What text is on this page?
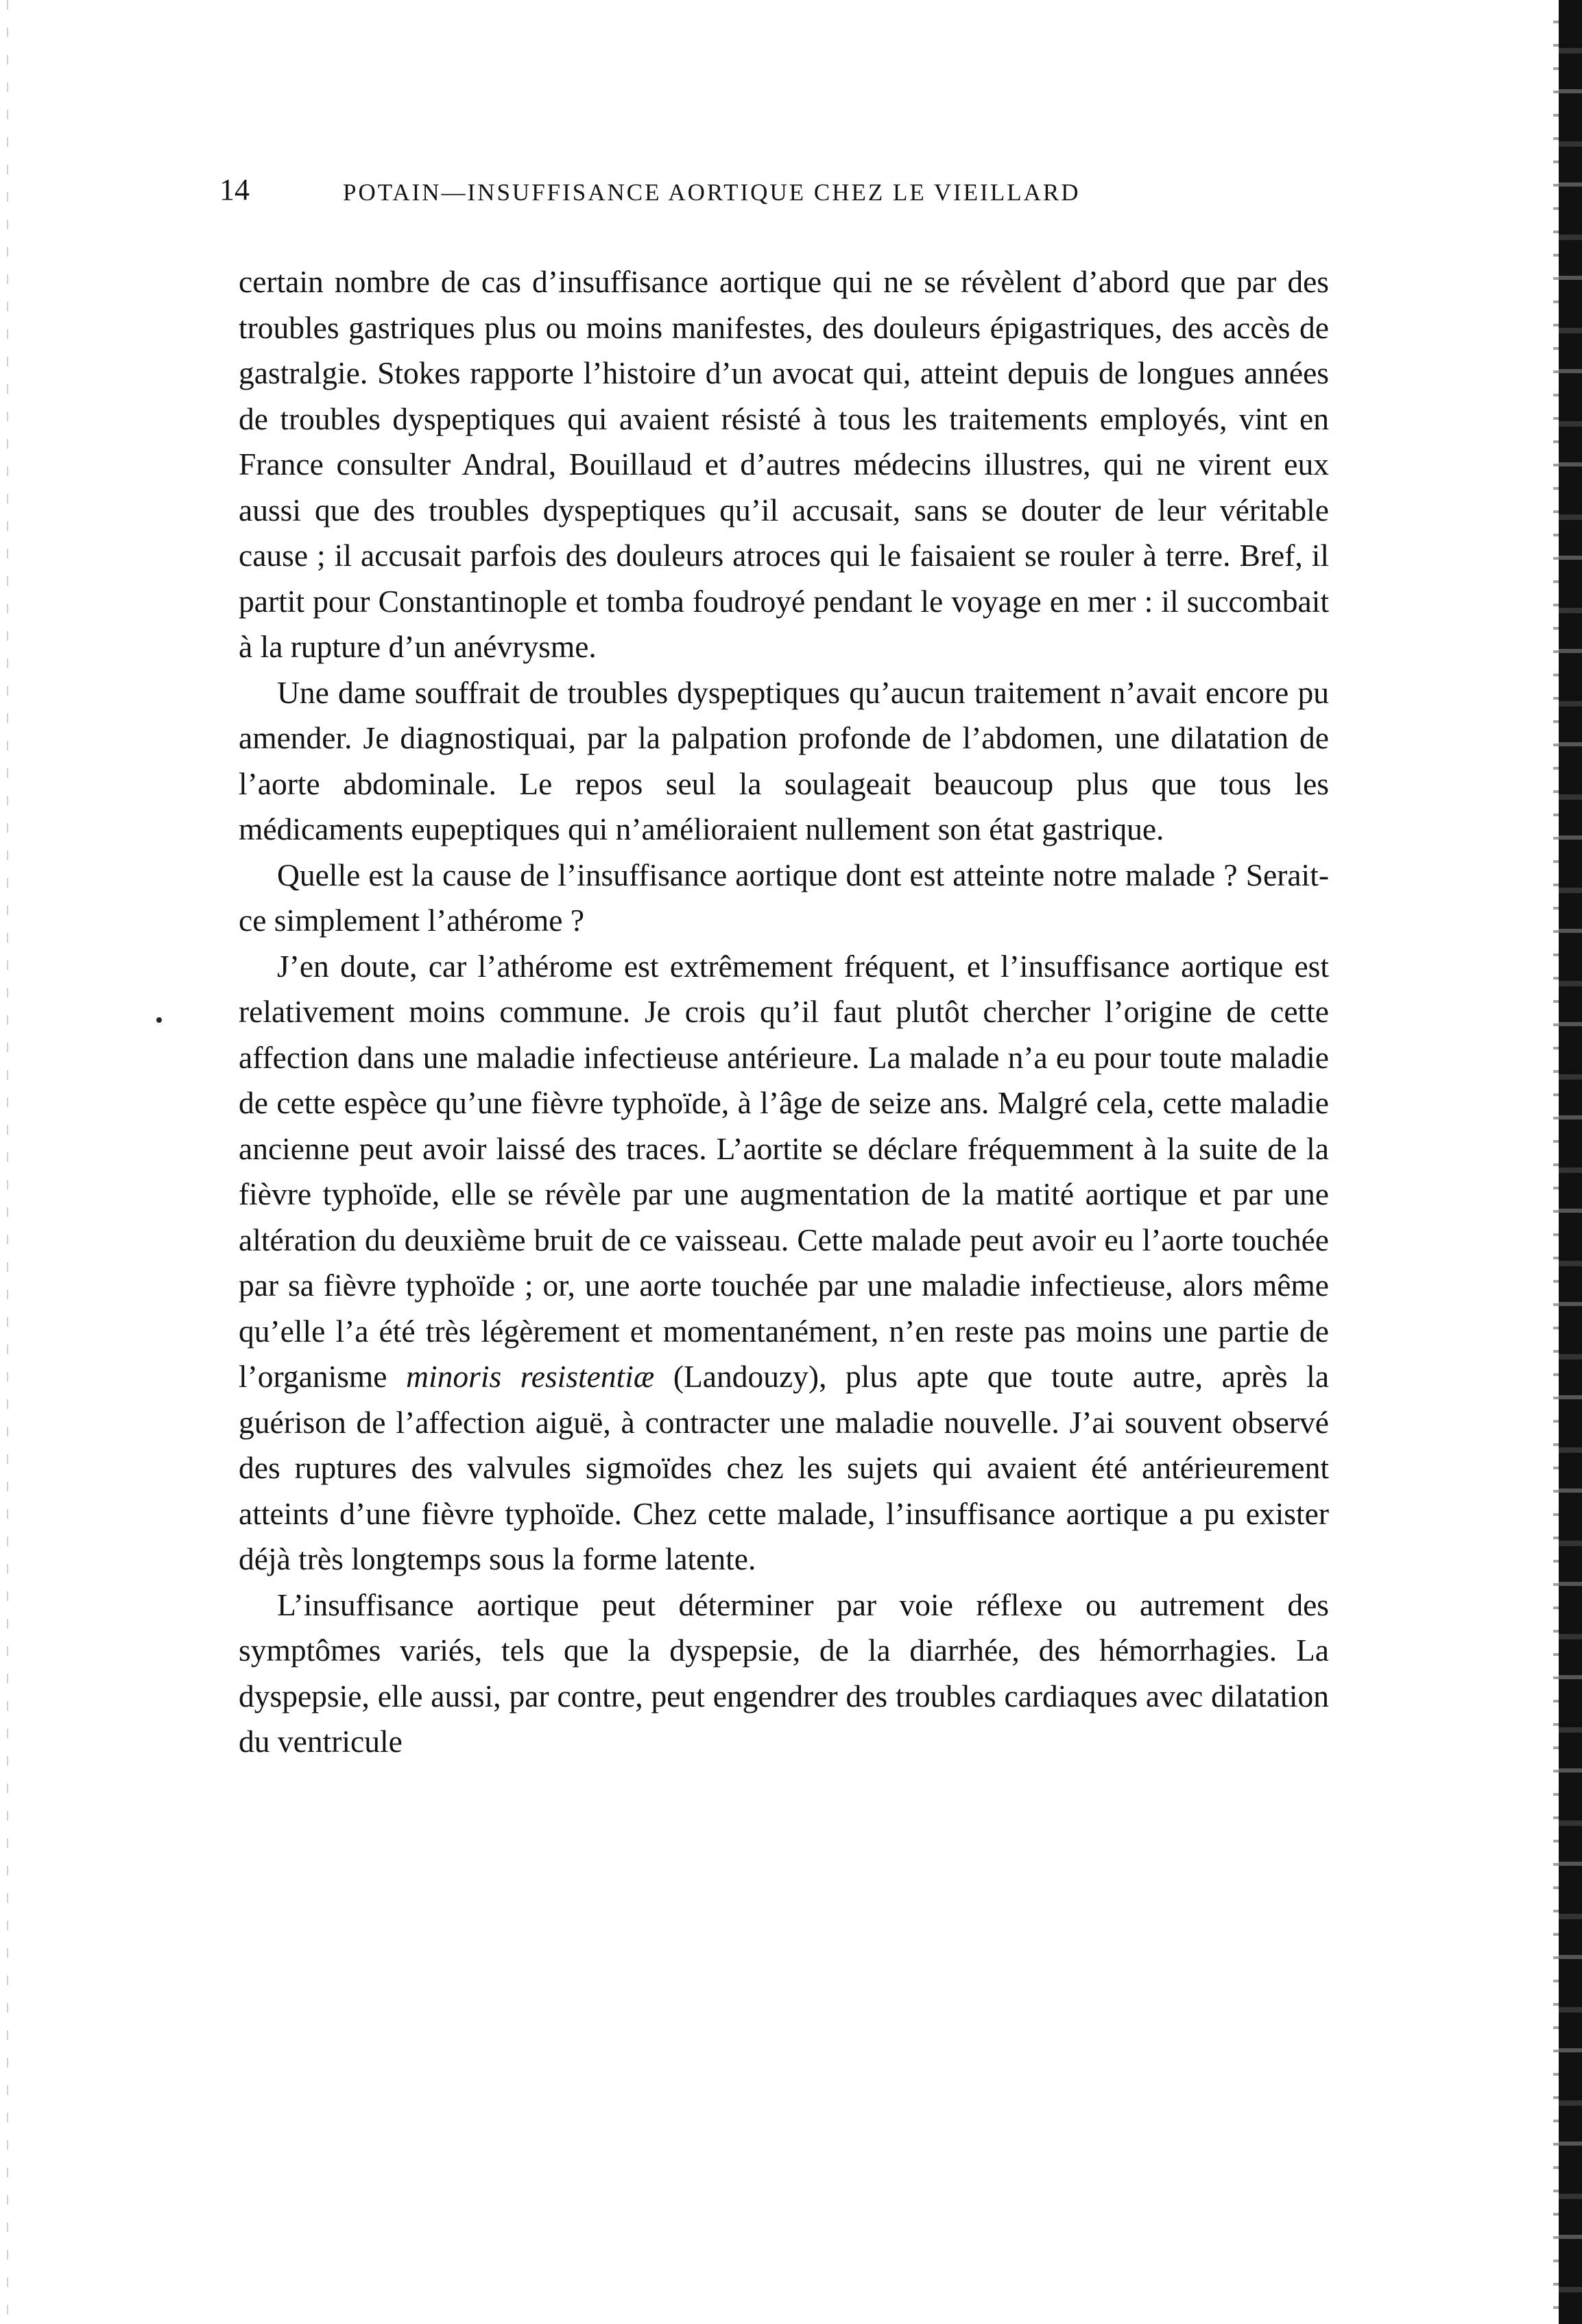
14	POTAIN—INSUFFISANCE AORTIQUE CHEZ LE VIEILLARD

certain nombre de cas d’insuffisance aortique qui ne se révèlent d’abord que par des troubles gastriques plus ou moins manifestes, des douleurs épigastriques, des accès de gastralgie. Stokes rapporte l’histoire d’un avocat qui, atteint depuis de longues années de troubles dyspeptiques qui avaient résisté à tous les traitements employés, vint en France consulter Andral, Bouillaud et d’autres médecins illustres, qui ne virent eux aussi que des troubles dyspeptiques qu’il accusait, sans se douter de leur véritable cause ; il accusait parfois des douleurs atroces qui le faisaient se rouler à terre. Bref, il partit pour Constantinople et tomba foudroyé pendant le voyage en mer : il succombait à la rupture d’un anévrysme.

Une dame souffrait de troubles dyspeptiques qu’aucun traitement n’avait encore pu amender. Je diagnostiquai, par la palpation profonde de l’abdomen, une dilatation de l’aorte abdominale. Le repos seul la soulageait beaucoup plus que tous les médicaments eupeptiques qui n’amélioraient nullement son état gastrique.

Quelle est la cause de l’insuffisance aortique dont est atteinte notre malade ? Serait-ce simplement l’athérome ?

J’en doute, car l’athérome est extrêmement fréquent, et l’insuffisance aortique est relativement moins commune. Je crois qu’il faut plutôt chercher l’origine de cette affection dans une maladie infectieuse antérieure. La malade n’a eu pour toute maladie de cette espèce qu’une fièvre typhoïde, à l’âge de seize ans. Malgré cela, cette maladie ancienne peut avoir laissé des traces. L’aortite se déclare fréquemment à la suite de la fièvre typhoïde, elle se révèle par une augmentation de la matité aortique et par une altération du deuxième bruit de ce vaisseau. Cette malade peut avoir eu l’aorte touchée par sa fièvre typhoïde ; or, une aorte touchée par une maladie infectieuse, alors même qu’elle l’a été très légèrement et momentanément, n’en reste pas moins une partie de l’organisme minoris resistentiæ (Landouzy), plus apte que toute autre, après la guérison de l’affection aiguë, à contracter une maladie nouvelle. J’ai souvent observé des ruptures des valvules sigmoïdes chez les sujets qui avaient été antérieurement atteints d’une fièvre typhoïde. Chez cette malade, l’insuffisance aortique a pu exister déjà très longtemps sous la forme latente.

L’insuffisance aortique peut déterminer par voie réflexe ou autrement des symptômes variés, tels que la dyspepsie, de la diarrhée, des hémorrhagies. La dyspepsie, elle aussi, par contre, peut engendrer des troubles cardiaques avec dilatation du ventricule
